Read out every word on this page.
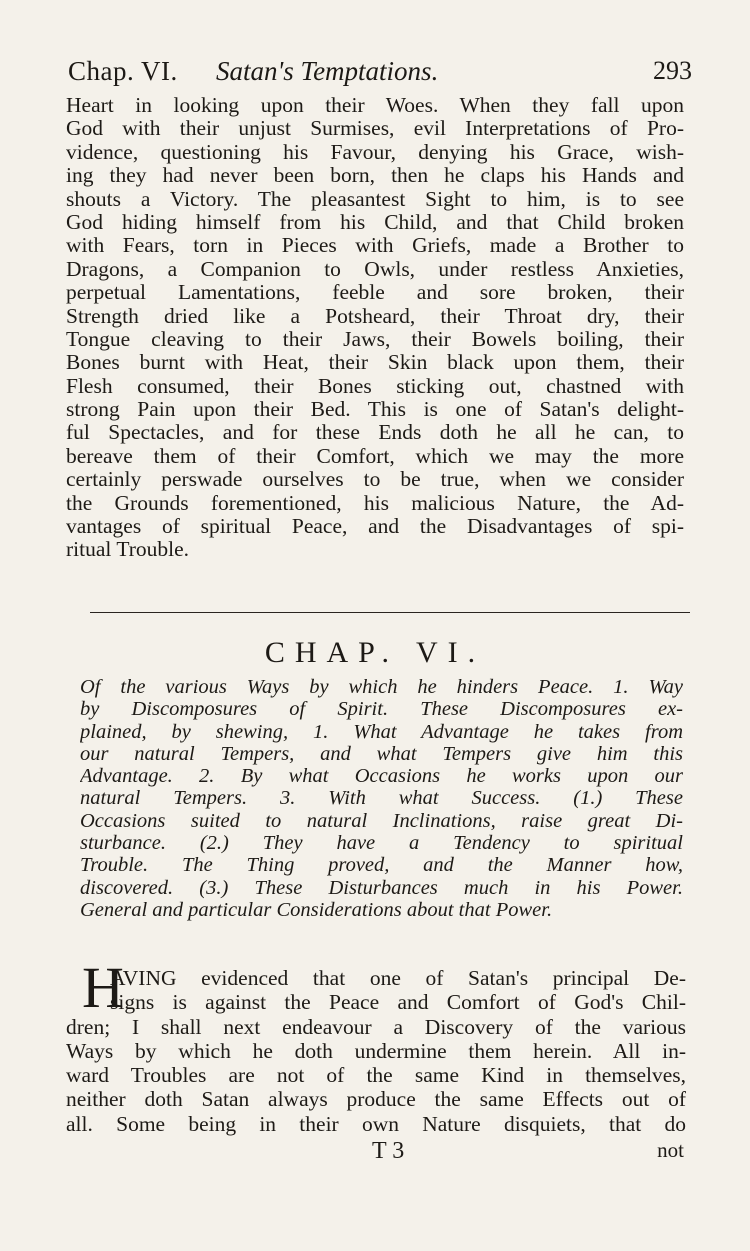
Chap. VI. Satan's Temptations.	293
Heart in looking upon their Woes. When they fall upon
God with their unjust Surmises, evil Interpretations of Pro-
vidence, questioning his Favour, denying his Grace, wish-
ing they had never been born, then he claps his Hands and
shouts a Victory. The pleasantest Sight to him, is to see
God hiding himself from his Child, and that Child broken
with Fears, torn in Pieces with Griefs, made a Brother to
Dragons, a Companion to Owls, under restless Anxieties,
perpetual Lamentations, feeble and sore broken, their
Strength dried like a Potsheard, their Throat dry, their
Tongue cleaving to their Jaws, their Bowels boiling, their
Bones burnt with Heat, their Skin black upon them, their
Flesh consumed, their Bones sticking out, chastned with
strong Pain upon their Bed. This is one of Satan's delight-
ful Spectacles, and for these Ends doth he all he can, to
bereave them of their Comfort, which we may the more
certainly perswade ourselves to be true, when we consider
the Grounds forementioned, his malicious Nature, the Ad-
vantages of spiritual Peace, and the Disadvantages of spi-
ritual Trouble.
CHAP. VI.
Of the various Ways by which he hinders Peace. 1. Way
by Discomposures of Spirit. These Discomposures ex-
plained, by shewing, 1. What Advantage he takes from
our natural Tempers, and what Tempers give him this
Advantage. 2. By what Occasions he works upon our
natural Tempers. 3. With what Success. (1.) These
Occasions suited to natural Inclinations, raise great Di-
sturbance. (2.) They have a Tendency to spiritual
Trouble. The Thing proved, and the Manner how,
discovered. (3.) These Disturbances much in his Power.
General and particular Considerations about that Power.
H
AVING evidenced that one of Satan's principal De-
signs is against the Peace and Comfort of God's Chil-
dren; I shall next endeavour a Discovery of the various
Ways by which he doth undermine them herein. All in-
ward Troubles are not of the same Kind in themselves,
neither doth Satan always produce the same Effects out of
all. Some being in their own Nature disquiets, that do
T 3	not
